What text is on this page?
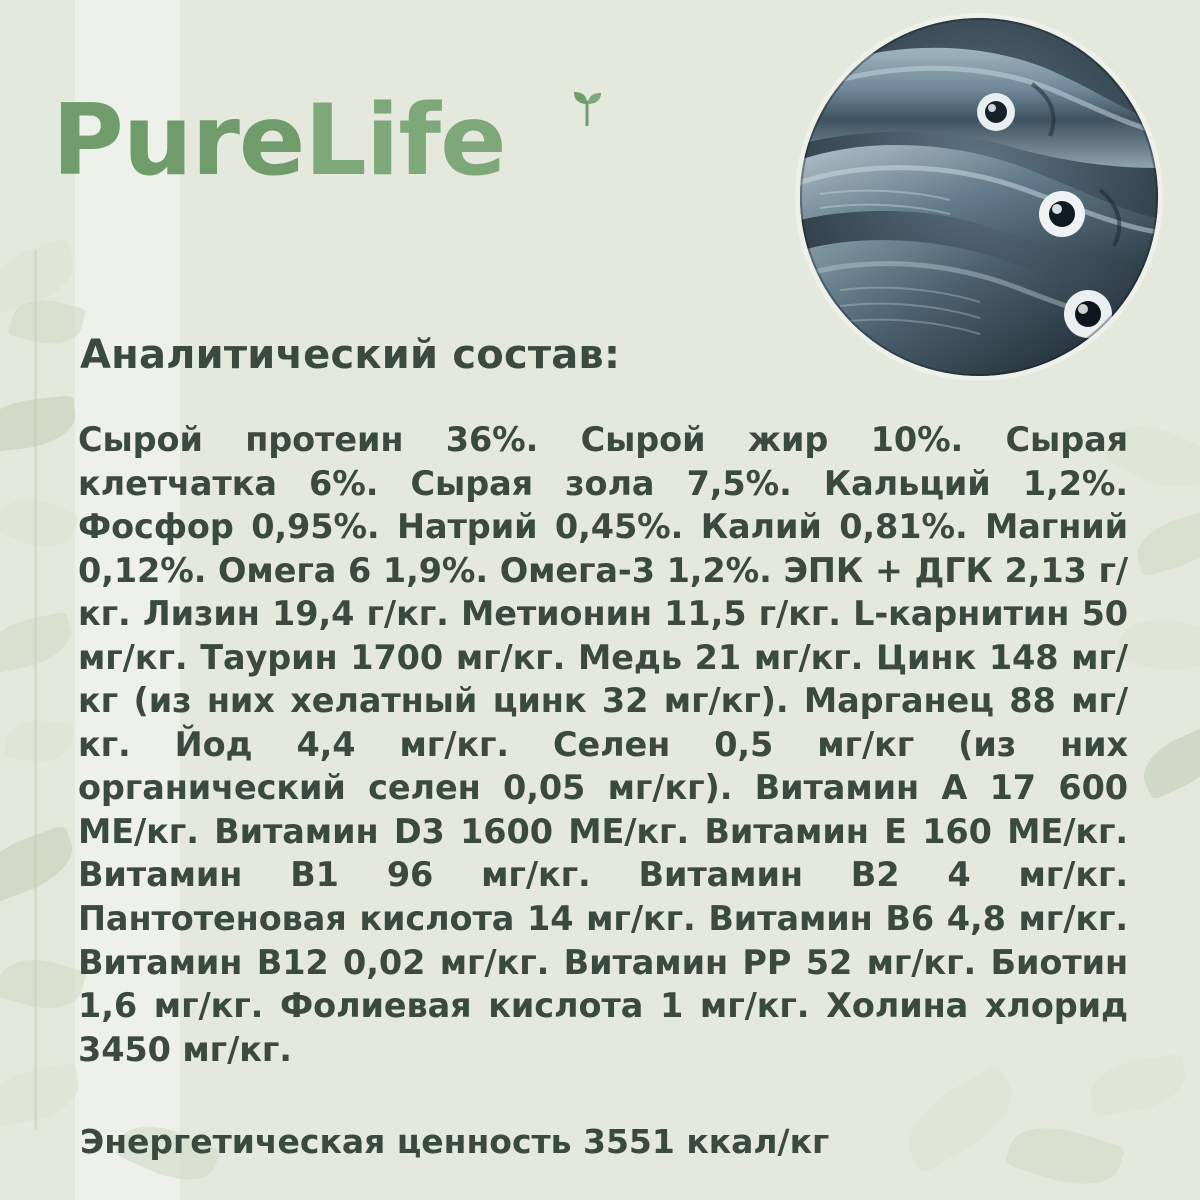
PureLife
Аналитический состав:
Сырой протеин 36%. Сырой жир 10%. Сырая клетчатка 6%. Сырая зола 7,5%. Кальций 1,2%. Фосфор 0,95%. Натрий 0,45%. Калий 0,81%. Магний 0,12%. Омега 6 1,9%. Омега-3 1,2%. ЭПК + ДГК 2,13 г/кг. Лизин 19,4 г/кг. Метионин 11,5 г/кг. L-карнитин 50 мг/кг. Таурин 1700 мг/кг. Медь 21 мг/кг. Цинк 148 мг/кг (из них хелатный цинк 32 мг/кг). Марганец 88 мг/кг. Йод 4,4 мг/кг. Селен 0,5 мг/кг (из них органический селен 0,05 мг/кг). Витамин А 17 600 МЕ/кг. Витамин D3 1600 МЕ/кг. Витамин Е 160 МЕ/кг. Витамин В1 96 мг/кг. Витамин В2 4 мг/кг. Пантотеновая кислота 14 мг/кг. Витамин В6 4,8 мг/кг. Витамин В12 0,02 мг/кг. Витамин РР 52 мг/кг. Биотин 1,6 мг/кг. Фолиевая кислота 1 мг/кг. Холина хлорид 3450 мг/кг.
Энергетическая ценность 3551 ккал/кг
